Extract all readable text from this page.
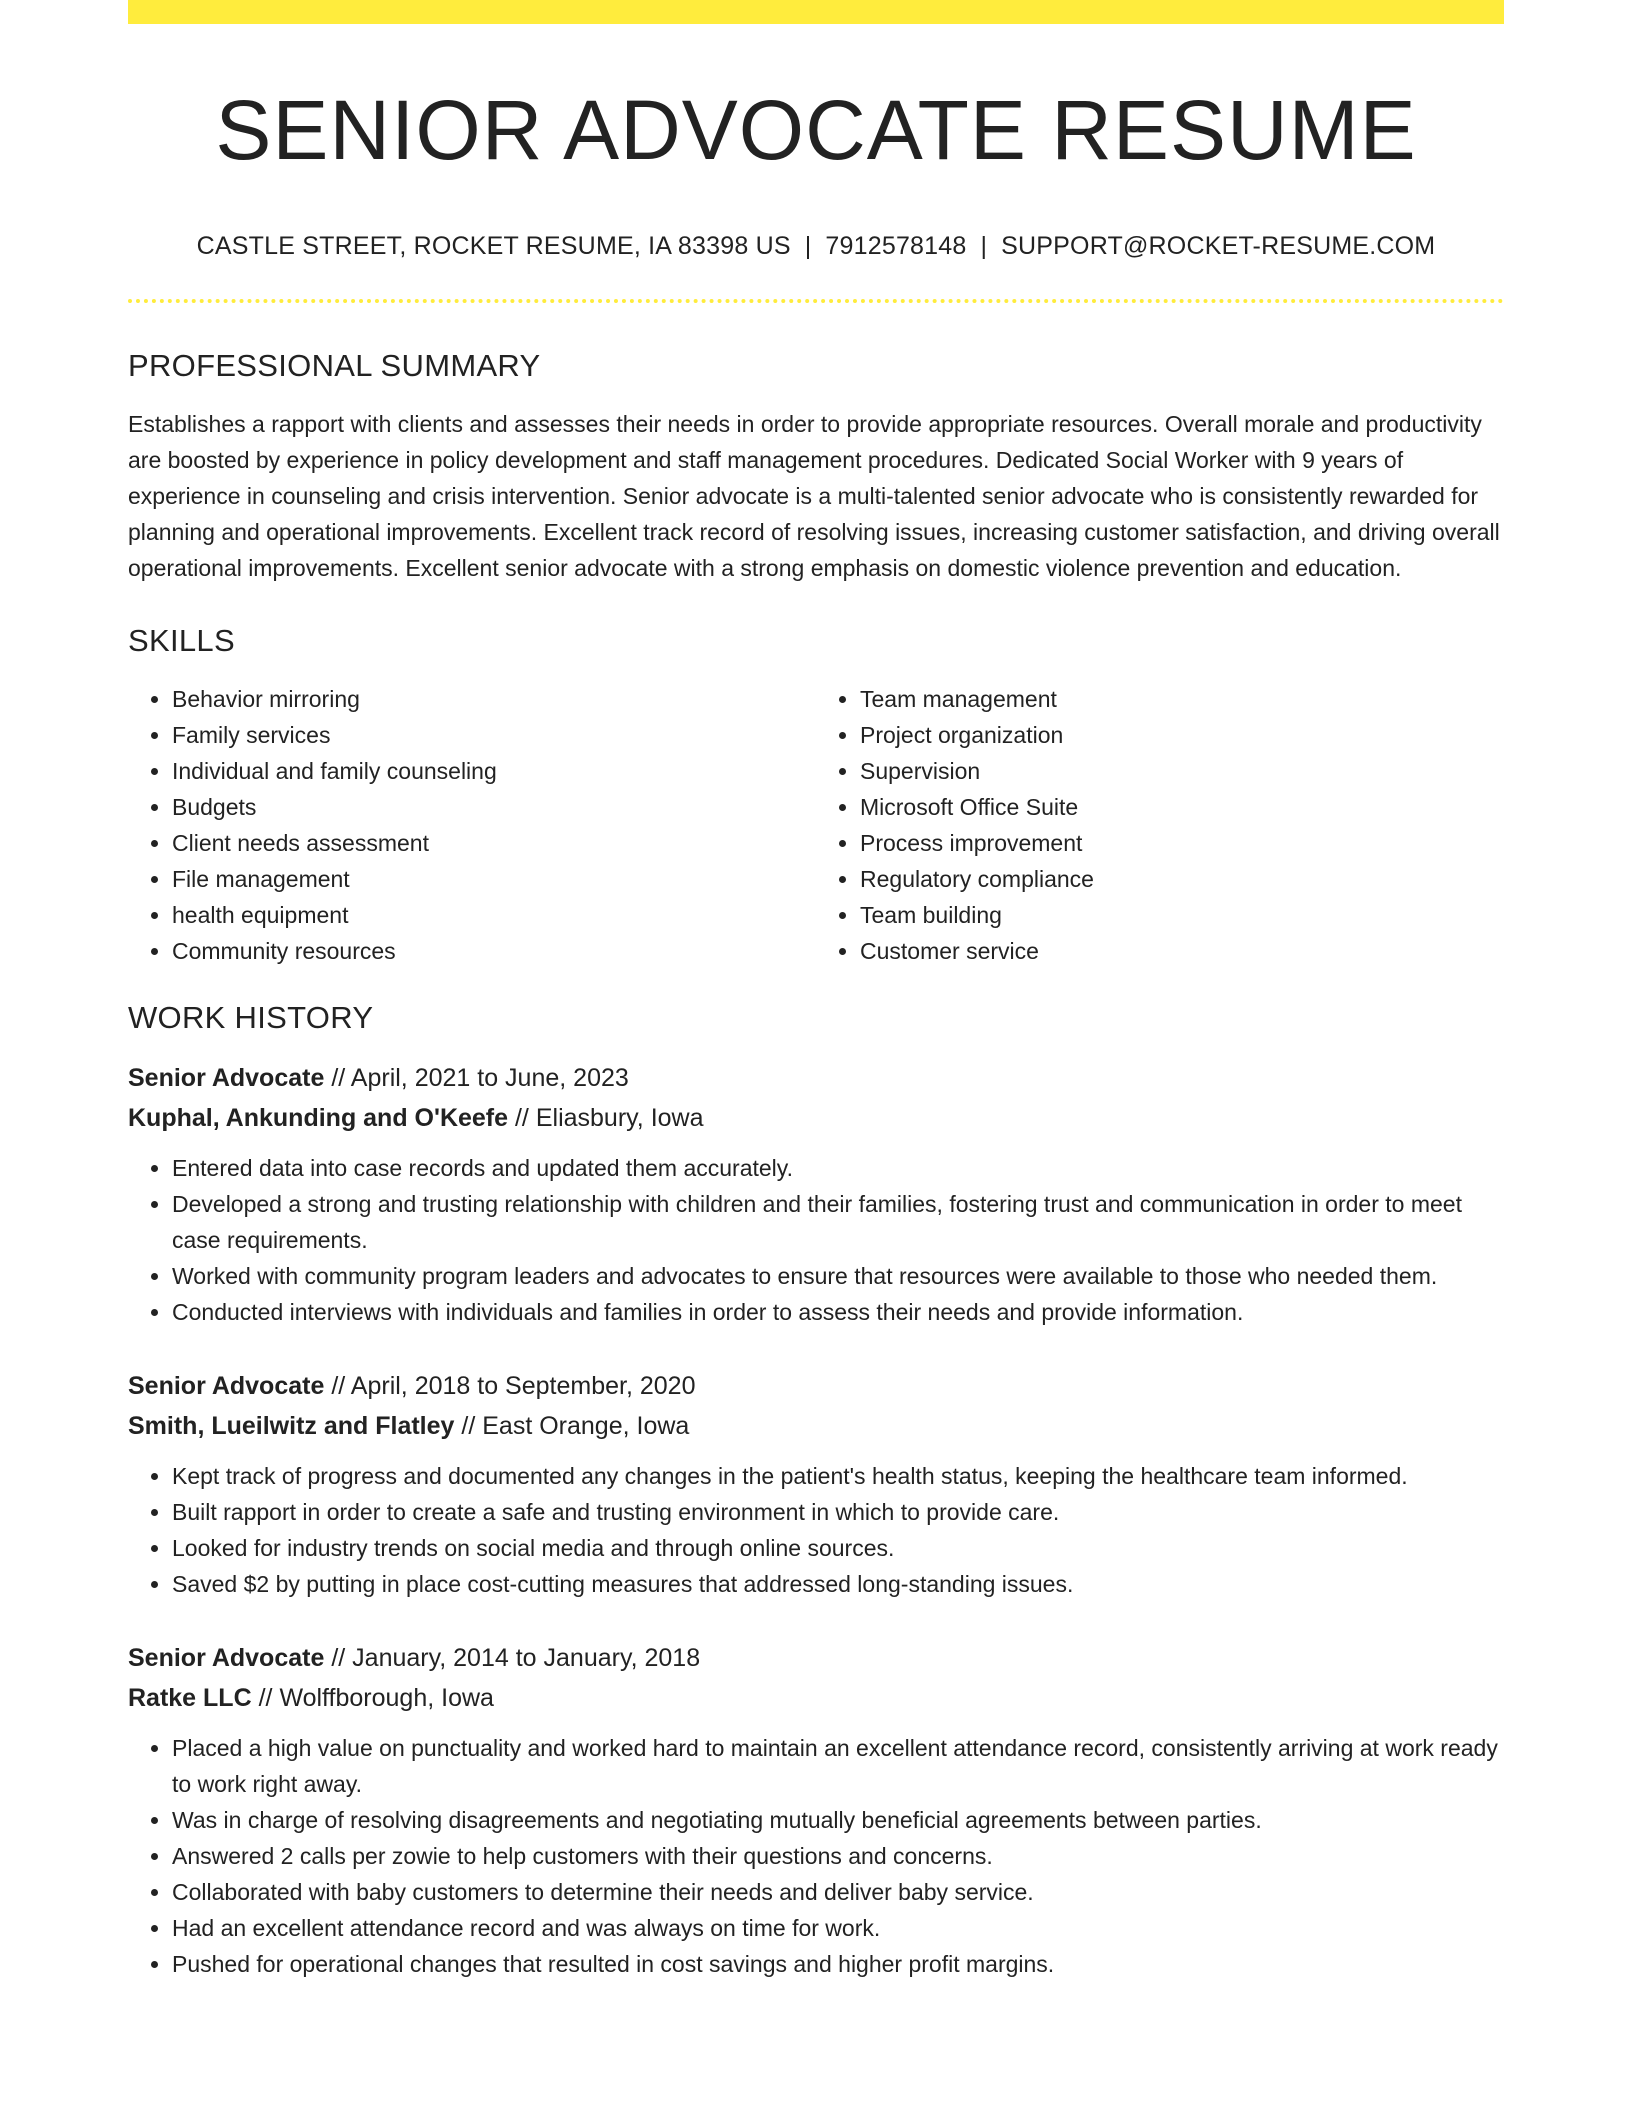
SENIOR ADVOCATE RESUME
CASTLE STREET, ROCKET RESUME, IA 83398 US | 7912578148 | SUPPORT@ROCKET-RESUME.COM
PROFESSIONAL SUMMARY

Establishes a rapport with clients and assesses their needs in order to provide appropriate resources. Overall morale and productivity are boosted by experience in policy development and staff management procedures. Dedicated Social Worker with 9 years of experience in counseling and crisis intervention. Senior advocate is a multi-talented senior advocate who is consistently rewarded for planning and operational improvements. Excellent track record of resolving issues, increasing customer satisfaction, and driving overall operational improvements. Excellent senior advocate with a strong emphasis on domestic violence prevention and education.

SKILLS
• Behavior mirroring
• Family services
• Individual and family counseling
• Budgets
• Client needs assessment
• File management
• health equipment
• Community resources
• Team management
• Project organization
• Supervision
• Microsoft Office Suite
• Process improvement
• Regulatory compliance
• Team building
• Customer service
WORK HISTORY
Senior Advocate // April, 2021 to June, 2023
Kuphal, Ankunding and O'Keefe // Eliasbury, Iowa
• Entered data into case records and updated them accurately.
• Developed a strong and trusting relationship with children and their families, fostering trust and communication in order to meet case requirements.
• Worked with community program leaders and advocates to ensure that resources were available to those who needed them.
• Conducted interviews with individuals and families in order to assess their needs and provide information.
Senior Advocate // April, 2018 to September, 2020
Smith, Lueilwitz and Flatley // East Orange, Iowa
• Kept track of progress and documented any changes in the patient's health status, keeping the healthcare team informed.
• Built rapport in order to create a safe and trusting environment in which to provide care.
• Looked for industry trends on social media and through online sources.
• Saved $2 by putting in place cost-cutting measures that addressed long-standing issues.
Senior Advocate // January, 2014 to January, 2018
Ratke LLC // Wolffborough, Iowa
• Placed a high value on punctuality and worked hard to maintain an excellent attendance record, consistently arriving at work ready to work right away.
• Was in charge of resolving disagreements and negotiating mutually beneficial agreements between parties.
• Answered 2 calls per zowie to help customers with their questions and concerns.
• Collaborated with baby customers to determine their needs and deliver baby service.
• Had an excellent attendance record and was always on time for work.
• Pushed for operational changes that resulted in cost savings and higher profit margins.
